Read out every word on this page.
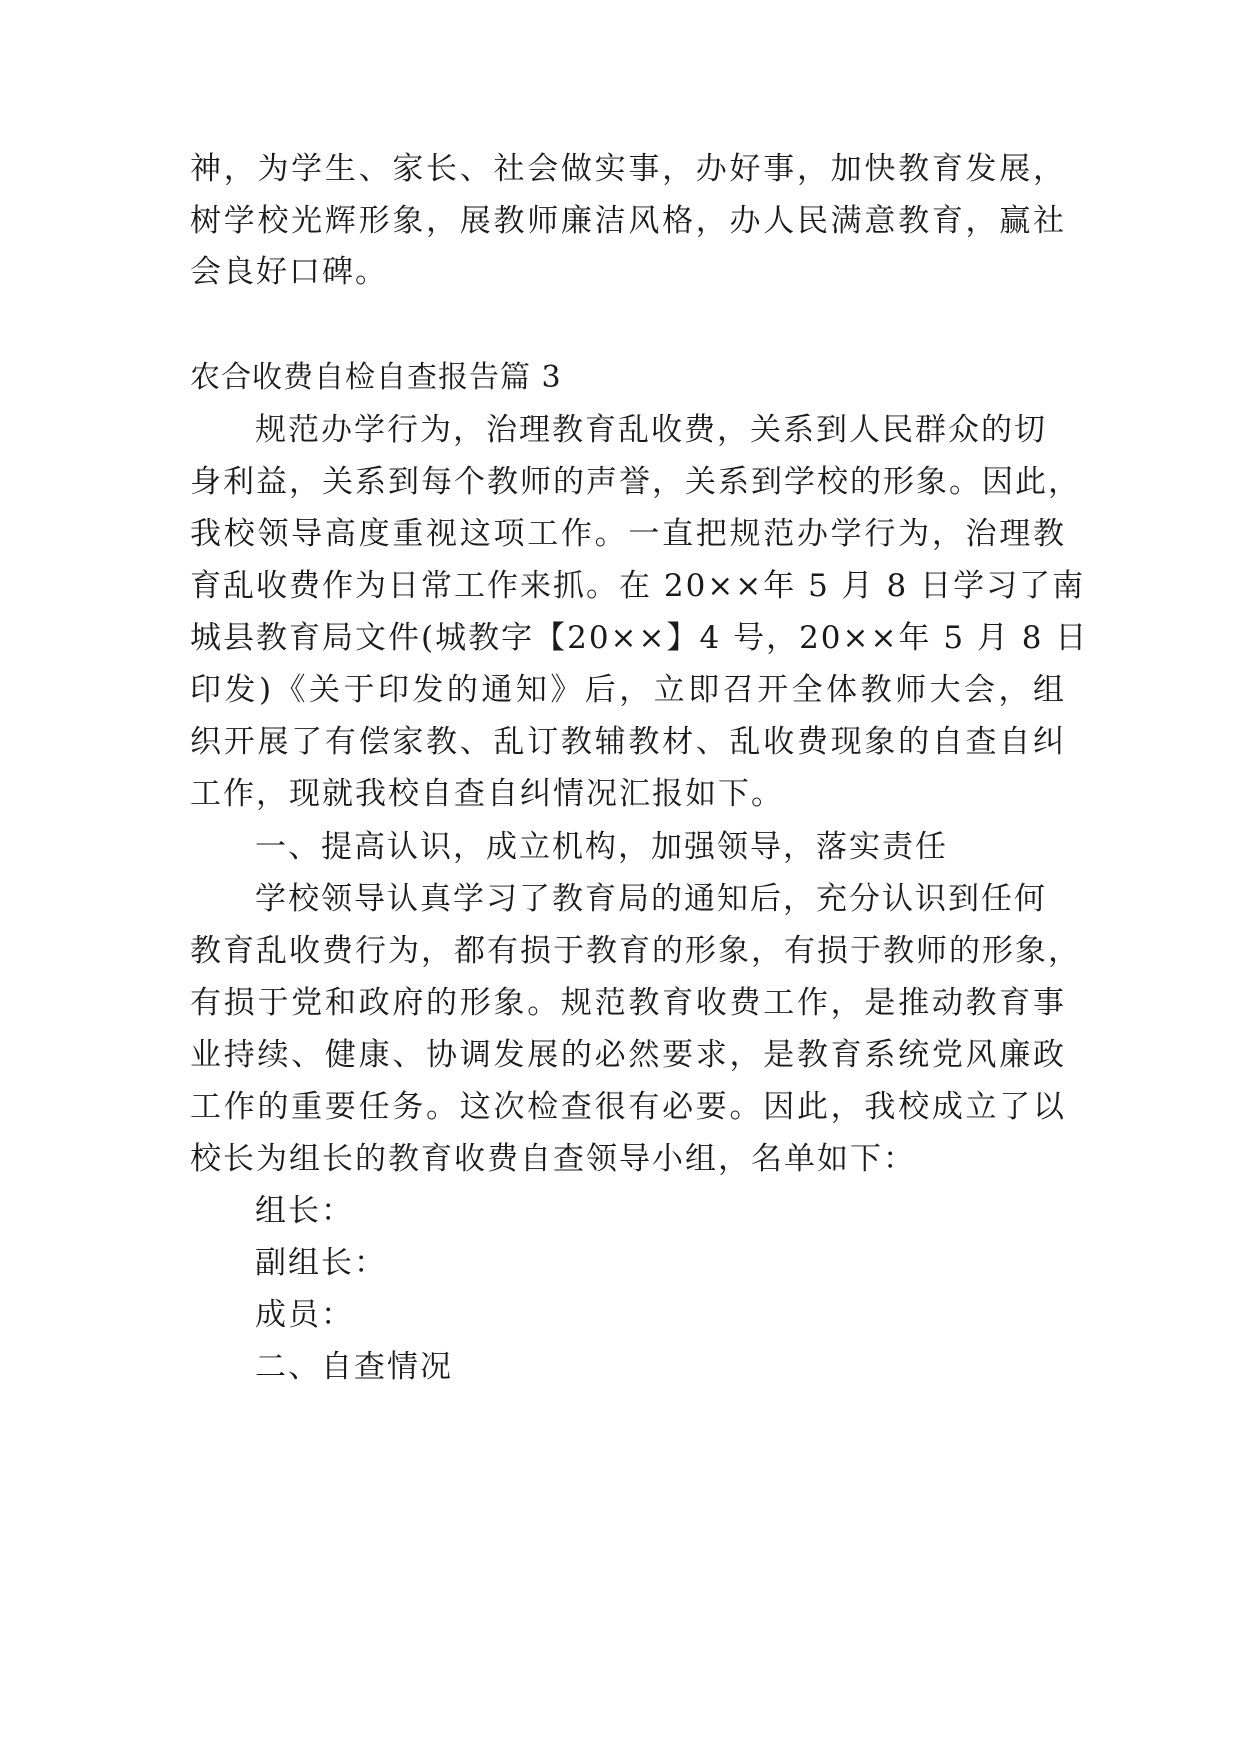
神，为学生、家长、社会做实事，办好事，加快教育发展，
树学校光辉形象，展教师廉洁风格，办人民满意教育，赢社
会良好口碑。
农合收费自检自查报告篇 3
规范办学行为，治理教育乱收费，关系到人民群众的切
身利益，关系到每个教师的声誉，关系到学校的形象。因此，
我校领导高度重视这项工作。一直把规范办学行为，治理教
育乱收费作为日常工作来抓。在 20××年 5 月 8 日学习了南
城县教育局文件(城教字【20××】4 号，20××年 5 月 8 日
印发)《关于印发的通知》后，立即召开全体教师大会，组
织开展了有偿家教、乱订教辅教材、乱收费现象的自查自纠
工作，现就我校自查自纠情况汇报如下。
一、提高认识，成立机构，加强领导，落实责任
学校领导认真学习了教育局的通知后，充分认识到任何
教育乱收费行为，都有损于教育的形象，有损于教师的形象，
有损于党和政府的形象。规范教育收费工作，是推动教育事
业持续、健康、协调发展的必然要求，是教育系统党风廉政
工作的重要任务。这次检查很有必要。因此，我校成立了以
校长为组长的教育收费自查领导小组，名单如下：
组长：
副组长：
成员：
二、自查情况
